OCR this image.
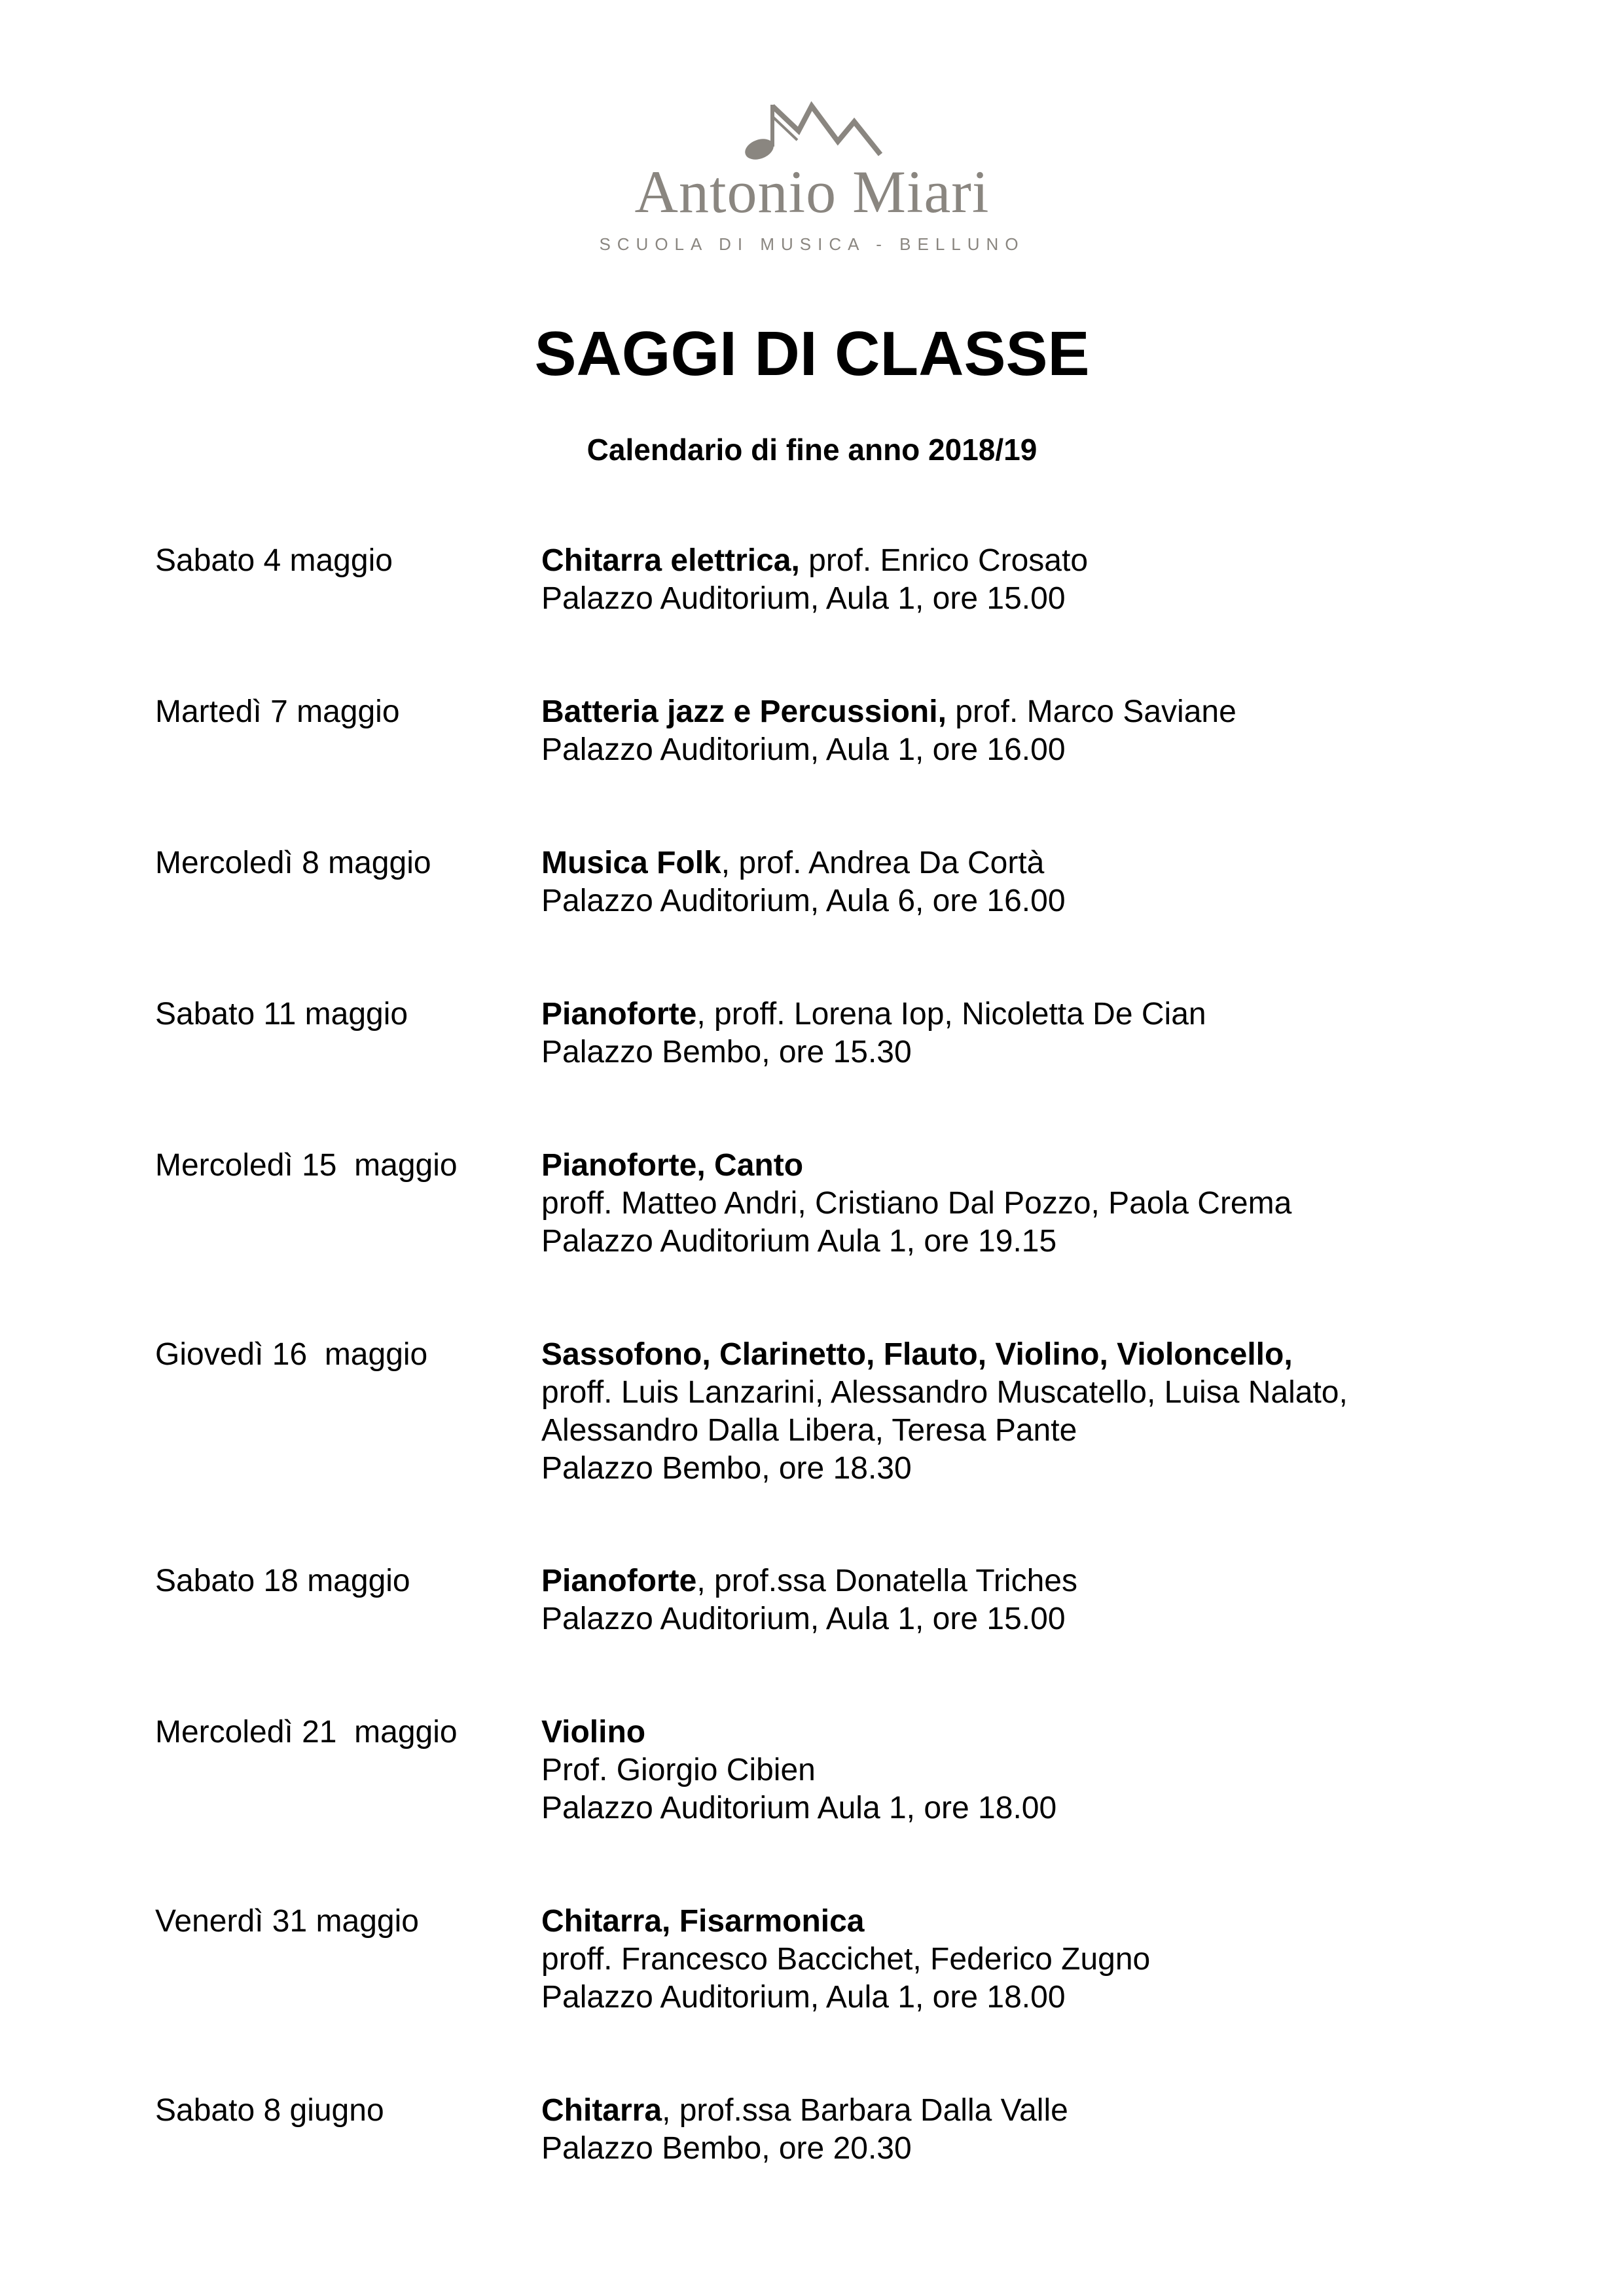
Antonio Miari
SCUOLA DI MUSICA - BELLUNO
SAGGI DI CLASSE
Calendario di fine anno 2018/19
Sabato 4 maggio	Chitarra elettrica, prof. Enrico Crosato
Palazzo Auditorium, Aula 1, ore 15.00
Martedì 7 maggio	Batteria jazz e Percussioni, prof. Marco Saviane
Palazzo Auditorium, Aula 1, ore 16.00
Mercoledì 8 maggio	Musica Folk, prof. Andrea Da Cortà
Palazzo Auditorium, Aula 6, ore 16.00
Sabato 11 maggio	Pianoforte, proff. Lorena Iop, Nicoletta De Cian
Palazzo Bembo, ore 15.30
Mercoledì 15  maggio	Pianoforte, Canto
proff. Matteo Andri, Cristiano Dal Pozzo, Paola Crema
Palazzo Auditorium Aula 1, ore 19.15
Giovedì 16  maggio	Sassofono, Clarinetto, Flauto, Violino, Violoncello,
proff. Luis Lanzarini, Alessandro Muscatello, Luisa Nalato,
Alessandro Dalla Libera, Teresa Pante
Palazzo Bembo, ore 18.30
Sabato 18 maggio	Pianoforte, prof.ssa Donatella Triches
Palazzo Auditorium, Aula 1, ore 15.00
Mercoledì 21  maggio	Violino
Prof. Giorgio Cibien
Palazzo Auditorium Aula 1, ore 18.00
Venerdì 31 maggio	Chitarra, Fisarmonica
proff. Francesco Baccichet, Federico Zugno
Palazzo Auditorium, Aula 1, ore 18.00
Sabato 8 giugno	Chitarra, prof.ssa Barbara Dalla Valle
Palazzo Bembo, ore 20.30
